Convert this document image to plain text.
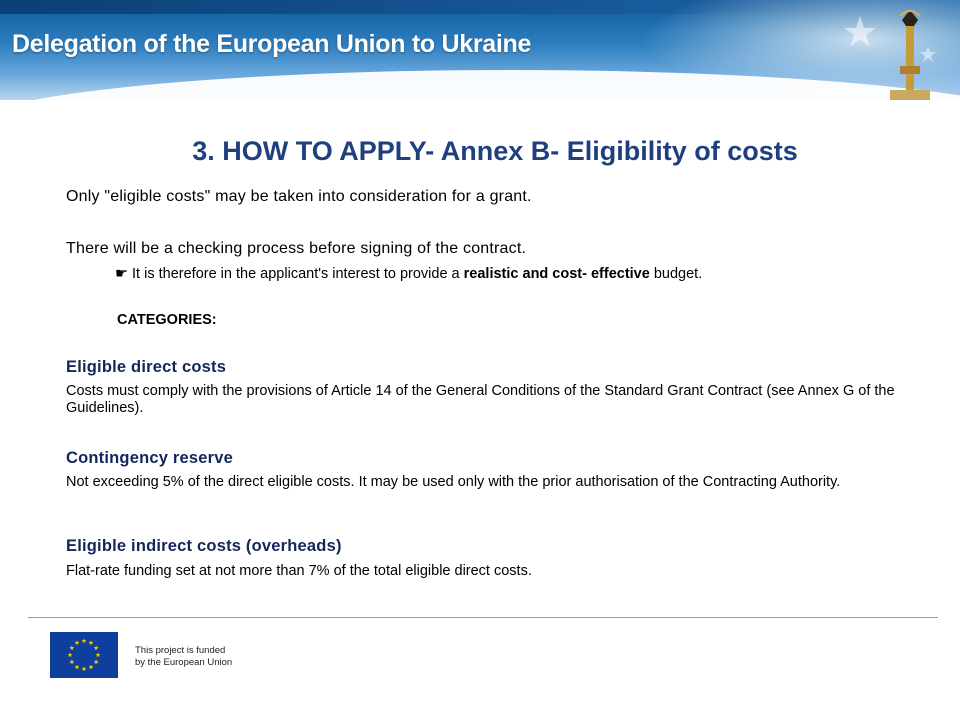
Delegation of the European Union to Ukraine
3. HOW TO APPLY- Annex B- Eligibility of costs
Only "eligible costs" may be taken into consideration for a grant.
There will be a checking process before signing of the contract.
☛ It is therefore in the applicant's interest to provide a realistic and cost- effective budget.
CATEGORIES:
Eligible direct costs
Costs must comply with the provisions of Article 14 of the General Conditions of the Standard Grant Contract (see Annex G of the Guidelines).
Contingency reserve
Not exceeding 5% of the direct eligible costs. It may be used only with the prior authorisation of the Contracting Authority.
Eligible indirect costs (overheads)
Flat-rate funding set at not more than 7% of the total eligible direct costs.
This project is funded
by the European Union
